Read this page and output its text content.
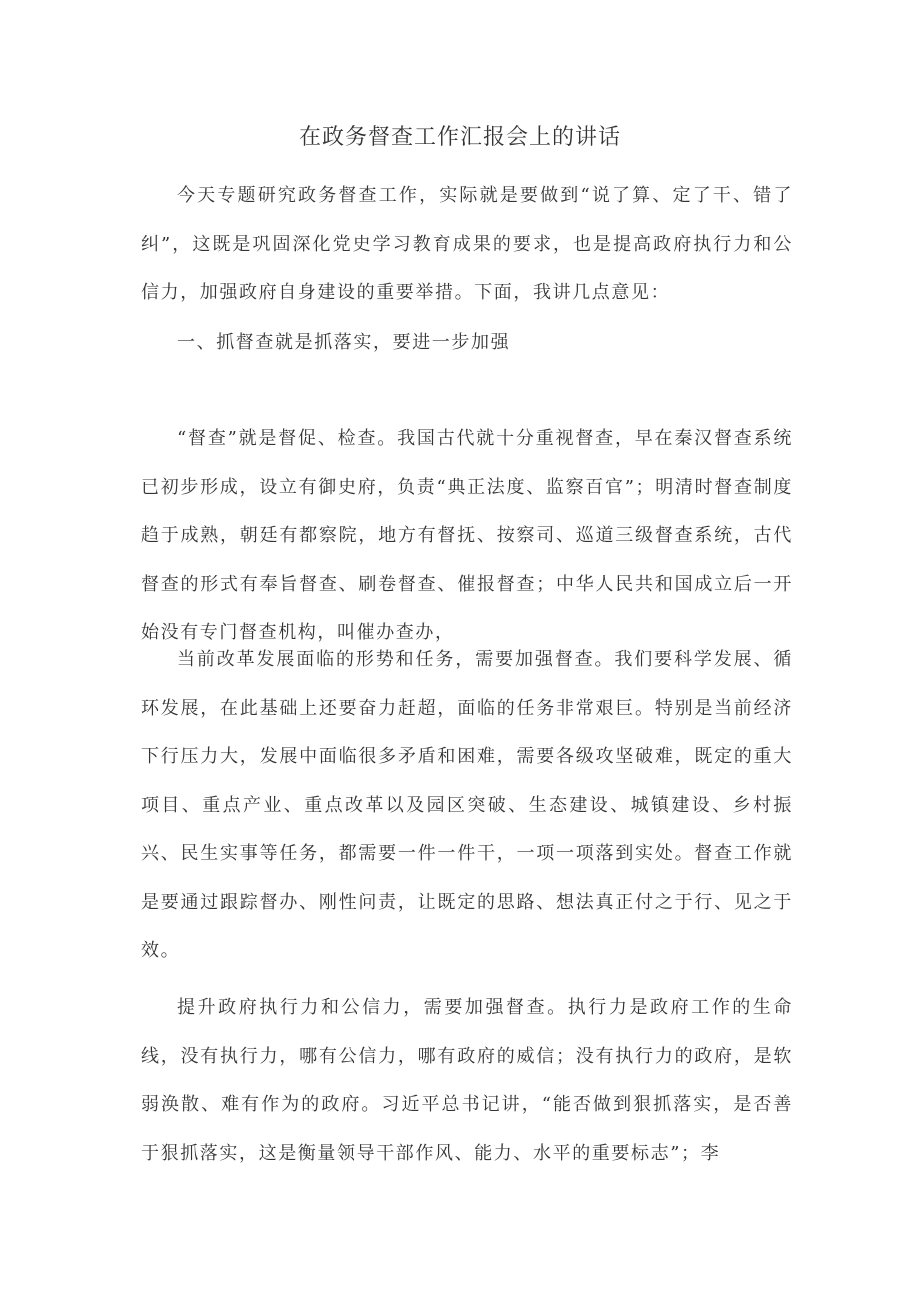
在政务督查工作汇报会上的讲话

今天专题研究政务督查工作，实际就是要做到“说了算、定了干、错了纠”，这既是巩固深化党史学习教育成果的要求，也是提高政府执行力和公信力，加强政府自身建设的重要举措。下面，我讲几点意见：

一、抓督查就是抓落实，要进一步加强

“督查”就是督促、检查。我国古代就十分重视督查，早在秦汉督查系统已初步形成，设立有御史府，负责“典正法度、监察百官”；明清时督查制度趋于成熟，朝廷有都察院，地方有督抚、按察司、巡道三级督查系统，古代督查的形式有奉旨督查、刷卷督查、催报督查；中华人民共和国成立后一开始没有专门督查机构，叫催办查办，

当前改革发展面临的形势和任务，需要加强督查。我们要科学发展、循环发展，在此基础上还要奋力赶超，面临的任务非常艰巨。特别是当前经济下行压力大，发展中面临很多矛盾和困难，需要各级攻坚破难，既定的重大项目、重点产业、重点改革以及园区突破、生态建设、城镇建设、乡村振兴、民生实事等任务，都需要一件一件干，一项一项落到实处。督查工作就是要通过跟踪督办、刚性问责，让既定的思路、想法真正付之于行、见之于效。

提升政府执行力和公信力，需要加强督查。执行力是政府工作的生命线，没有执行力，哪有公信力，哪有政府的威信；没有执行力的政府，是软弱涣散、难有作为的政府。习近平总书记讲，“能否做到狠抓落实，是否善于狠抓落实，这是衡量领导干部作风、能力、水平的重要标志”；李
